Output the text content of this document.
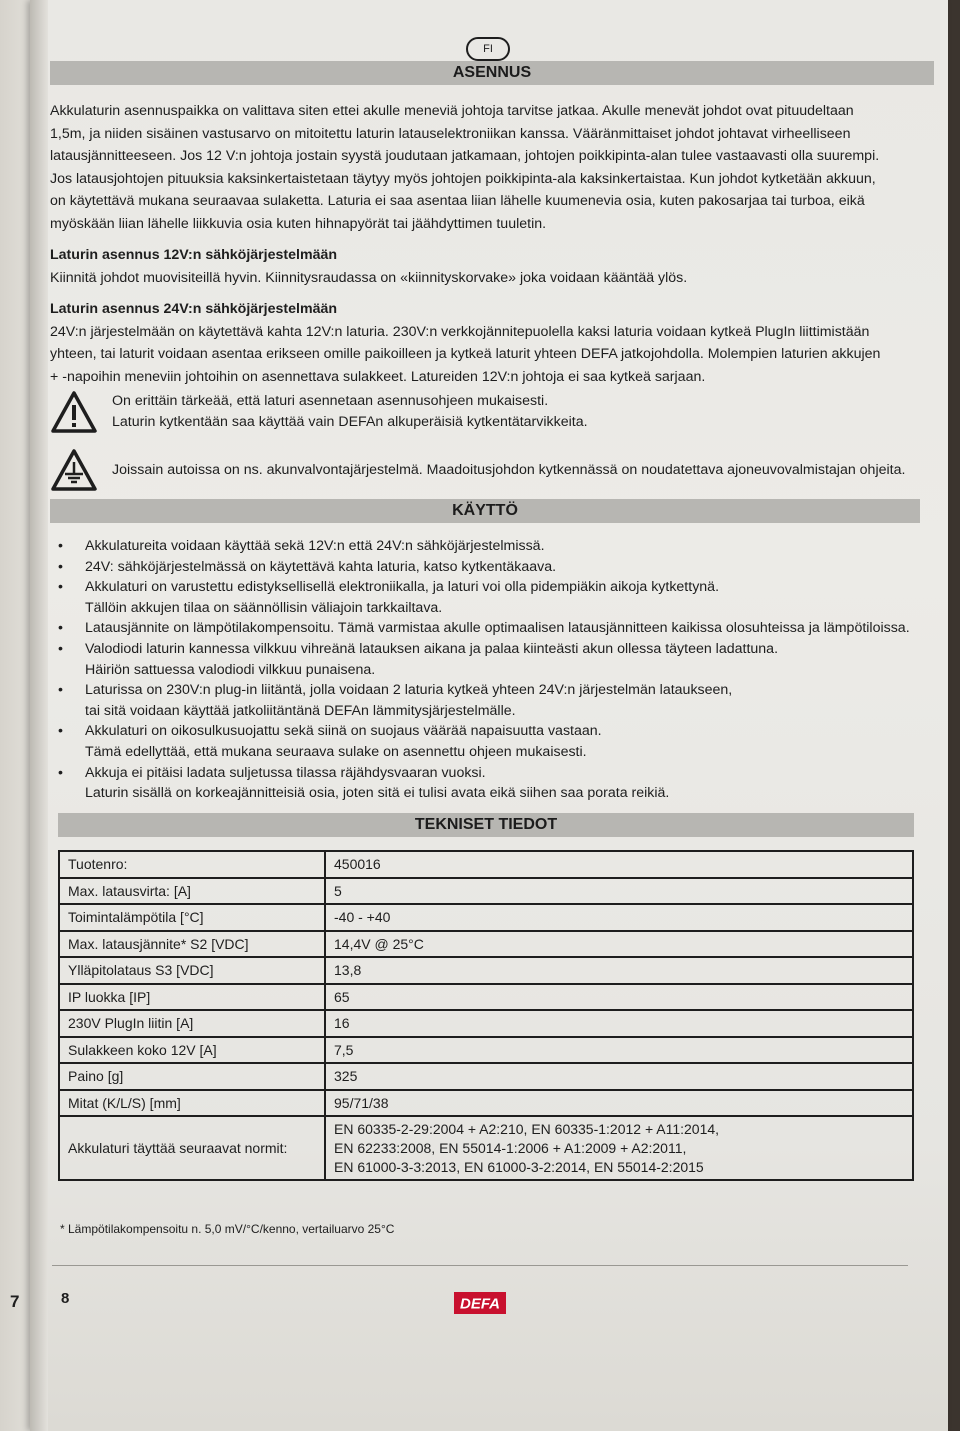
7
FI
ASENNUS

Akkulaturin asennuspaikka on valittava siten ettei akulle meneviä johtoja tarvitse jatkaa. Akulle menevät johdot ovat pituudeltaan

1,5m, ja niiden sisäinen vastusarvo on mitoitettu laturin latauselektroniikan kanssa. Vääränmittaiset johdot johtavat virheelliseen

latausjännitteeseen. Jos 12 V:n johtoja jostain syystä joudutaan jatkamaan, johtojen poikkipinta-alan tulee vastaavasti olla suurempi.

Jos latausjohtojen pituuksia kaksinkertaistetaan täytyy myös johtojen poikkipinta-ala kaksinkertaistaa. Kun johdot kytketään akkuun,

on käytettävä mukana seuraavaa sulaketta. Laturia ei saa asentaa liian lähelle kuumenevia osia, kuten pakosarjaa tai turboa, eikä

myöskään liian lähelle liikkuvia osia kuten hihnapyörät tai jäähdyttimen tuuletin.

Laturin asennus 12V:n sähköjärjestelmään

Kiinnitä johdot muovisiteillä hyvin. Kiinnitysraudassa on «kiinnityskorvake» joka voidaan kääntää ylös.

Laturin asennus 24V:n sähköjärjestelmään

24V:n järjestelmään on käytettävä kahta 12V:n laturia. 230V:n verkkojännitepuolella kaksi laturia voidaan kytkeä PlugIn liittimistään

yhteen, tai laturit voidaan asentaa erikseen omille paikoilleen ja kytkeä laturit yhteen DEFA jatkojohdolla. Molempien laturien akkujen

+ -napoihin meneviin johtoihin on asennettava sulakkeet. Latureiden 12V:n johtoja ei saa kytkeä sarjaan.

On erittäin tärkeää, että laturi asennetaan asennusohjeen mukaisesti.
Laturin kytkentään saa käyttää vain DEFAn alkuperäisiä kytkentätarvikkeita.
Joissain autoissa on ns. akunvalvontajärjestelmä. Maadoitusjohdon kytkennässä on noudatettava ajoneuvovalmistajan ohjeita.
KÄYTTÖ
• Akkulatureita voidaan käyttää sekä 12V:n että 24V:n sähköjärjestelmissä.
• 24V: sähköjärjestelmässä on käytettävä kahta laturia, katso kytkentäkaava.
• Akkulaturi on varustettu edistyksellisellä elektroniikalla, ja laturi voi olla pidempiäkin aikoja kytkettynä.
Tällöin akkujen tilaa on säännöllisin väliajoin tarkkailtava.
• Latausjännite on lämpötilakompensoitu. Tämä varmistaa akulle optimaalisen latausjännitteen kaikissa olosuhteissa ja lämpötiloissa.
• Valodiodi laturin kannessa vilkkuu vihreänä latauksen aikana ja palaa kiinteästi akun ollessa täyteen ladattuna.
Häiriön sattuessa valodiodi vilkkuu punaisena.
• Laturissa on 230V:n plug-in liitäntä, jolla voidaan 2 laturia kytkeä yhteen 24V:n järjestelmän lataukseen,
tai sitä voidaan käyttää jatkoliitäntänä DEFAn lämmitysjärjestelmälle.
• Akkulaturi on oikosulkusuojattu sekä siinä on suojaus väärää napaisuutta vastaan.
Tämä edellyttää, että mukana seuraava sulake on asennettu ohjeen mukaisesti.
• Akkuja ei pitäisi ladata suljetussa tilassa räjähdysvaaran vuoksi.
Laturin sisällä on korkeajännitteisiä osia, joten sitä ei tulisi avata eikä siihen saa porata reikiä.
TEKNISET TIEDOT
Tuotenro:	450016
Max. latausvirta: [A]	5
Toimintalämpötila [°C]	-40 - +40
Max. latausjännite* S2 [VDC]	14,4V @ 25°C
Ylläpitolataus S3 [VDC]	13,8
IP luokka [IP]	65
230V PlugIn liitin [A]	16
Sulakkeen koko 12V [A]	7,5
Paino [g]	325
Mitat (K/L/S) [mm]	95/71/38
Akkulaturi täyttää seuraavat normit:	EN 60335-2-29:2004 + A2:210, EN 60335-1:2012 + A11:2014,
EN 62233:2008, EN 55014-1:2006 + A1:2009 + A2:2011,
EN 61000-3-3:2013, EN 61000-3-2:2014, EN 55014-2:2015
* Lämpötilakompensoitu n. 5,0 mV/°C/kenno, vertailuarvo 25°C
8	DEFA
